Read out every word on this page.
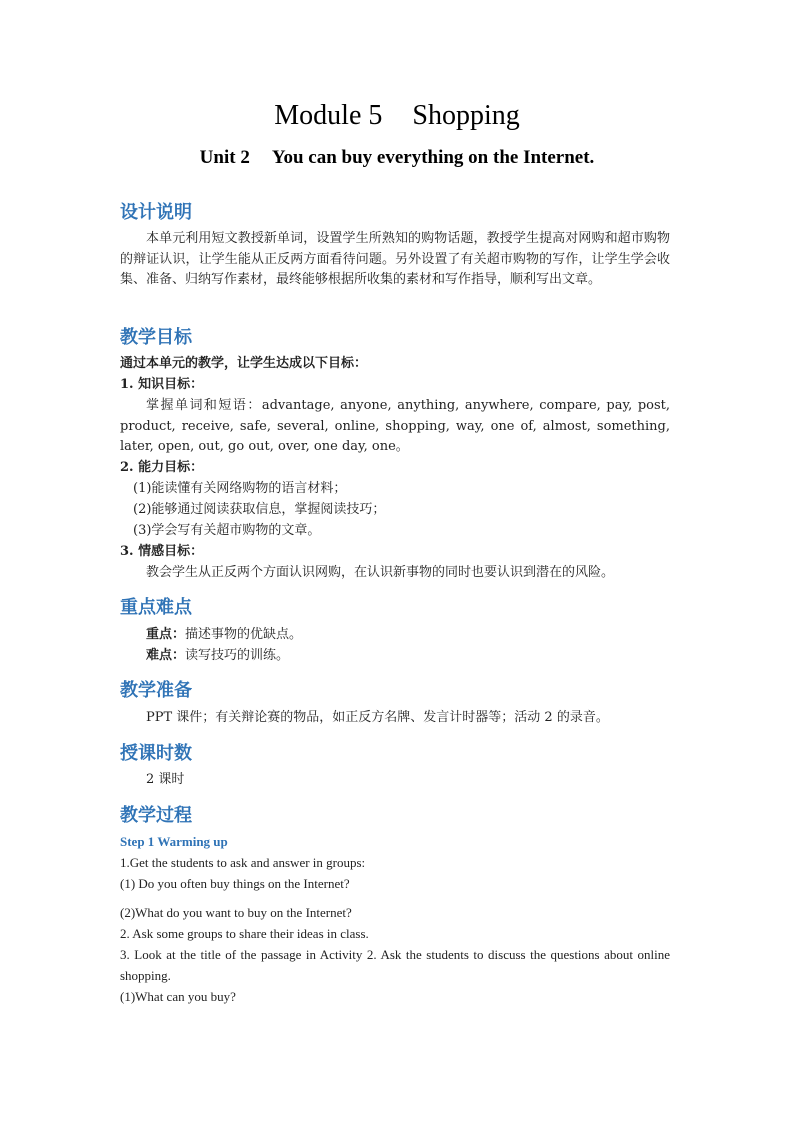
Module 5 Shopping
Unit 2 You can buy everything on the Internet.
设计说明
本单元利用短文教授新单词，设置学生所熟知的购物话题，教授学生提高对网购和超市购物的辩证认识，让学生能从正反两方面看待问题。另外设置了有关超市购物的写作，让学生学会收集、准备、归纳写作素材，最终能够根据所收集的素材和写作指导，顺利写出文章。
教学目标
通过本单元的教学，让学生达成以下目标：
1. 知识目标：
掌握单词和短语：advantage, anyone, anything, anywhere, compare, pay, post, product, receive, safe, several, online, shopping, way, one of, almost, something, later, open, out, go out, over, one day, one。
2. 能力目标：
(1)能读懂有关网络购物的语言材料；
(2)能够通过阅读获取信息，掌握阅读技巧；
(3)学会写有关超市购物的文章。
3. 情感目标：
教会学生从正反两个方面认识网购，在认识新事物的同时也要认识到潜在的风险。
重点难点
重点：描述事物的优缺点。
难点：读写技巧的训练。
教学准备
PPT 课件；有关辩论赛的物品，如正反方名牌、发言计时器等；活动 2 的录音。
授课时数
2 课时
教学过程
Step 1 Warming up
1.Get the students to ask and answer in groups:
(1) Do you often buy things on the Internet?
(2)What do you want to buy on the Internet?
2. Ask some groups to share their ideas in class.
3. Look at the title of the passage in Activity 2. Ask the students to discuss the questions about online shopping.
(1)What can you buy?
